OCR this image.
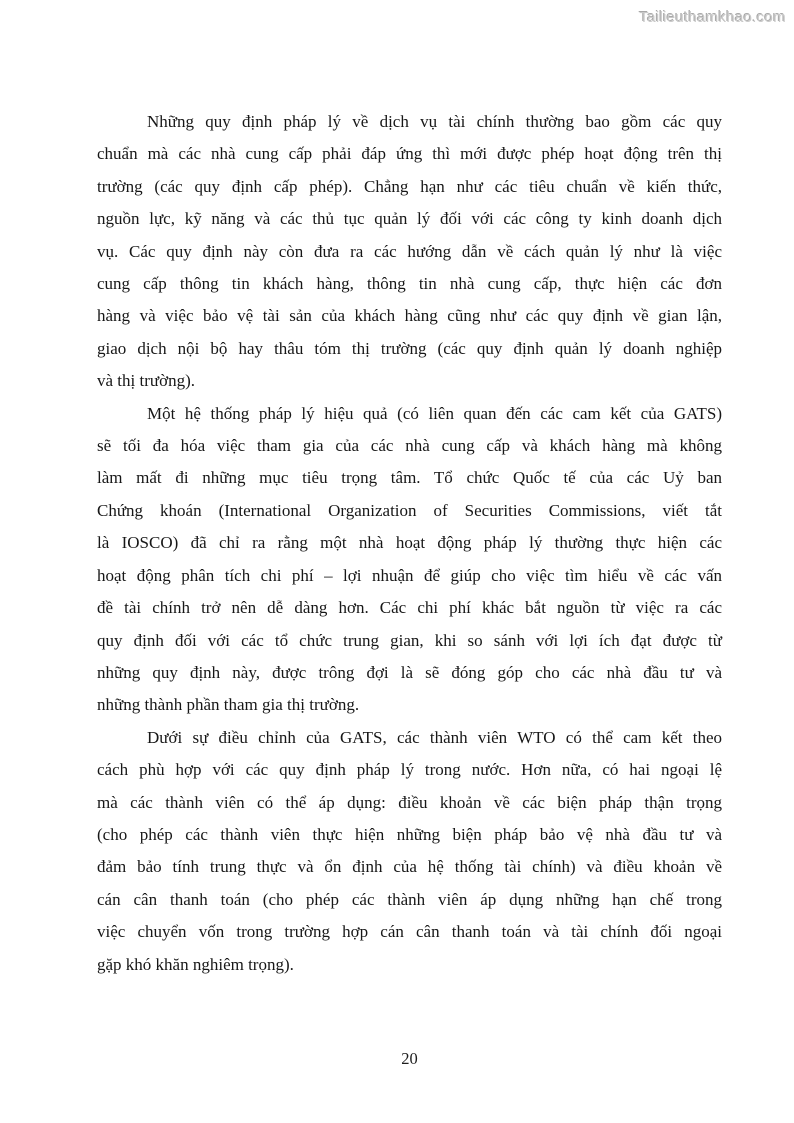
Tailieuthamkhao.com
Những quy định pháp lý về dịch vụ tài chính thường bao gồm các quy
chuẩn mà các nhà cung cấp phải đáp ứng thì mới được phép hoạt động trên thị
trường (các quy định cấp phép). Chẳng hạn như các tiêu chuẩn về kiến thức,
nguồn lực, kỹ năng và các thủ tục quản lý đối với các công ty kinh doanh dịch
vụ. Các quy định này còn đưa ra các hướng dẫn về cách quản lý như là việc
cung cấp thông tin khách hàng, thông tin nhà cung cấp, thực hiện các đơn
hàng và việc bảo vệ tài sản của khách hàng cũng như các quy định về gian lận,
giao dịch nội bộ hay thâu tóm thị trường (các quy định quản lý doanh nghiệp
và thị trường).
Một hệ thống pháp lý hiệu quả (có liên quan đến các cam kết của GATS)
sẽ tối đa hóa việc tham gia của các nhà cung cấp và khách hàng mà không
làm mất đi những mục tiêu trọng tâm. Tổ chức Quốc tế của các Uỷ ban
Chứng khoán (International Organization of Securities Commissions, viết tắt
là IOSCO) đã chỉ ra rằng một nhà hoạt động pháp lý thường thực hiện các
hoạt động phân tích chi phí – lợi nhuận để giúp cho việc tìm hiểu về các vấn
đề tài chính trở nên dễ dàng hơn. Các chi phí khác bắt nguồn từ việc ra các
quy định đối với các tổ chức trung gian, khi so sánh với lợi ích đạt được từ
những quy định này, được trông đợi là sẽ đóng góp cho các nhà đầu tư và
những thành phần tham gia thị trường.
Dưới sự điều chỉnh của GATS, các thành viên WTO có thể cam kết theo
cách phù hợp với các quy định pháp lý trong nước. Hơn nữa, có hai ngoại lệ
mà các thành viên có thể áp dụng: điều khoản về các biện pháp thận trọng
(cho phép các thành viên thực hiện những biện pháp bảo vệ nhà đầu tư và
đảm bảo tính trung thực và ổn định của hệ thống tài chính) và điều khoản về
cán cân thanh toán (cho phép các thành viên áp dụng những hạn chế trong
việc chuyển vốn trong trường hợp cán cân thanh toán và tài chính đối ngoại
gặp khó khăn nghiêm trọng).
20
